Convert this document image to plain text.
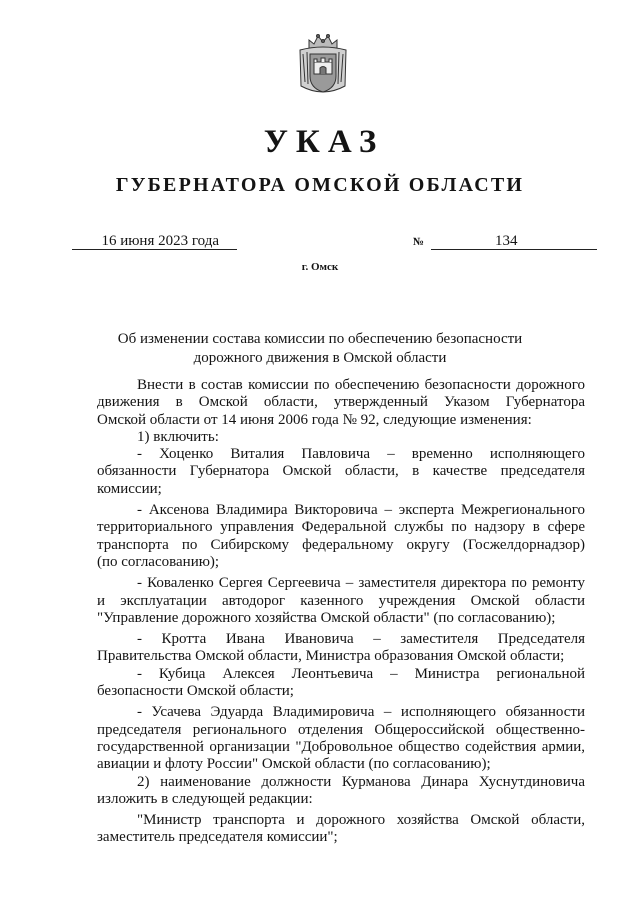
УКАЗ
ГУБЕРНАТОРА ОМСКОЙ ОБЛАСТИ
16 июня 2023 года	№	134
г. Омск
Об изменении состава комиссии по обеспечению безопасности
дорожного движения в Омской области

Внести в состав комиссии по обеспечению безопасности дорожного

движения в Омской области, утвержденный Указом Губернатора

Омской области от 14 июня 2006 года № 92, следующие изменения:

1) включить:

- Хоценко Виталия Павловича – временно исполняющего

обязанности Губернатора Омской области, в качестве председателя

комиссии;

- Аксенова Владимира Викторовича – эксперта Межрегионального

территориального управления Федеральной службы по надзору в сфере

транспорта по Сибирскому федеральному округу (Госжелдорнадзор)

(по согласованию);

- Коваленко Сергея Сергеевича – заместителя директора по ремонту

и эксплуатации автодорог казенного учреждения Омской области

"Управление дорожного хозяйства Омской области" (по согласованию);

- Кротта Ивана Ивановича – заместителя Председателя

Правительства Омской области, Министра образования Омской области;

- Кубица Алексея Леонтьевича – Министра региональной

безопасности Омской области;

- Усачева Эдуарда Владимировича – исполняющего обязанности

председателя регионального отделения Общероссийской общественно-

государственной организации "Добровольное общество содействия армии,

авиации и флоту России" Омской области (по согласованию);

2) наименование должности Курманова Динара Хуснутдиновича

изложить в следующей редакции:

"Министр транспорта и дорожного хозяйства Омской области,

заместитель председателя комиссии";
